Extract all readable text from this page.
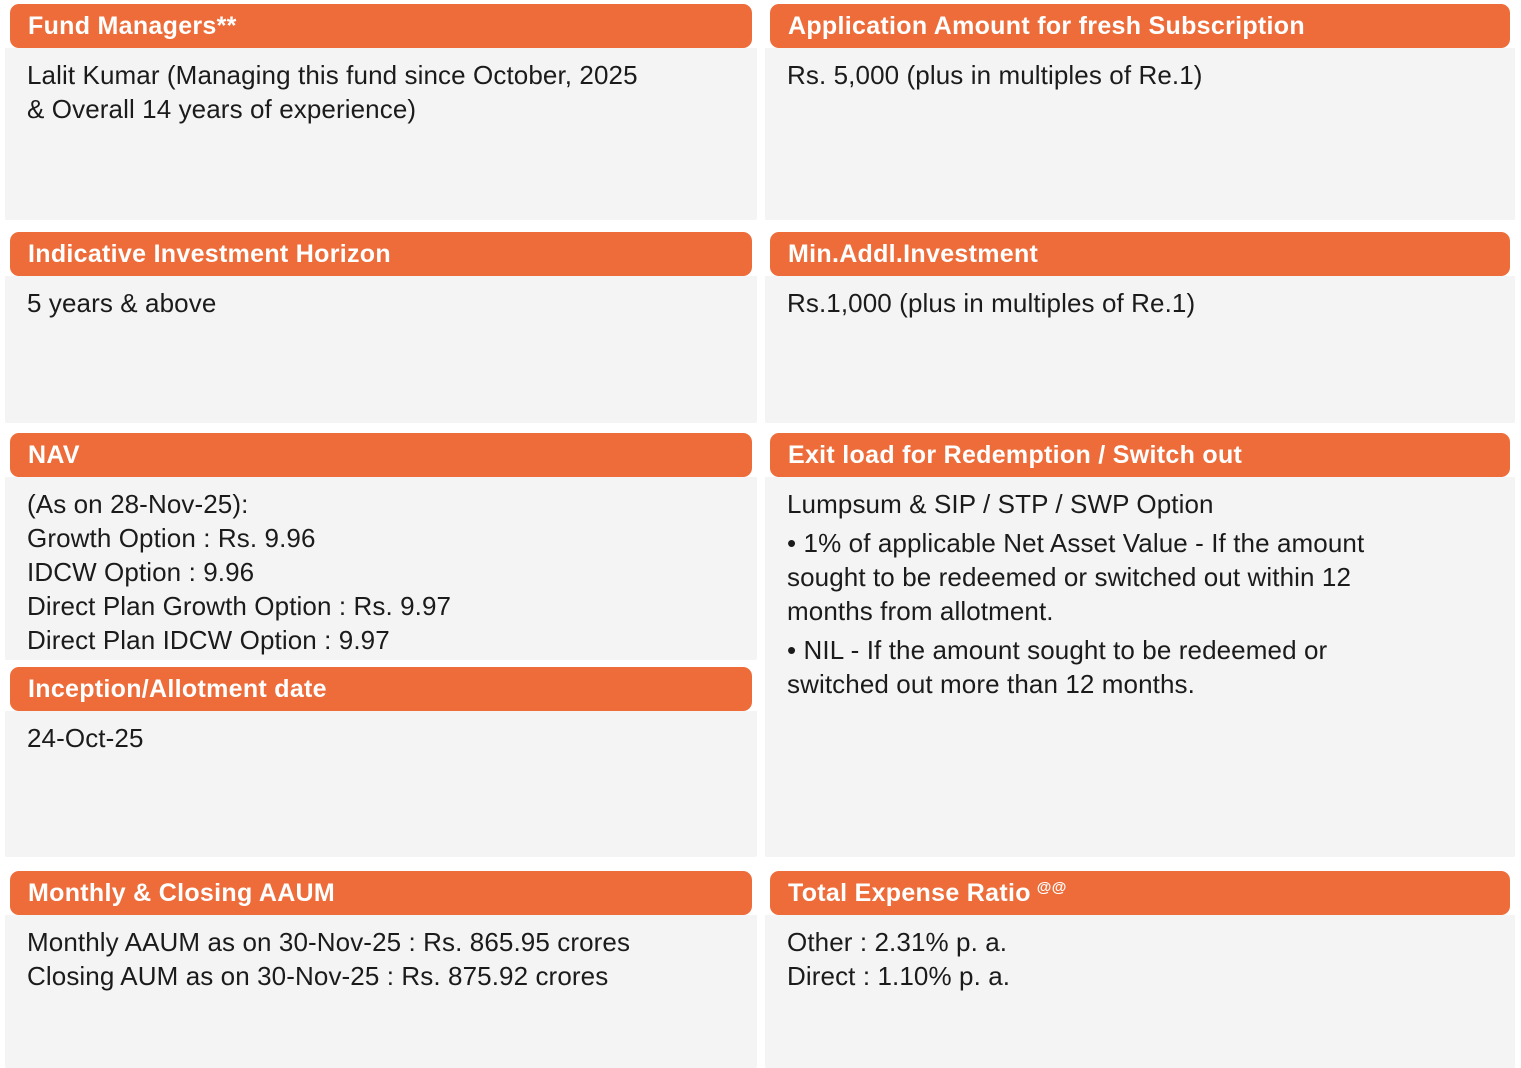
Fund Managers**
Lalit Kumar (Managing this fund since October, 2025
& Overall 14 years of experience)
Indicative Investment Horizon
5 years & above
NAV
(As on 28-Nov-25):
Growth Option : Rs. 9.96
IDCW Option : 9.96
Direct Plan Growth Option : Rs. 9.97
Direct Plan IDCW Option : 9.97
Inception/Allotment date
24-Oct-25
Monthly & Closing AAUM
Monthly AAUM as on 30-Nov-25 : Rs. 865.95 crores
Closing AUM as on 30-Nov-25 : Rs. 875.92 crores
Application Amount for fresh Subscription
Rs. 5,000 (plus in multiples of Re.1)
Min.Addl.Investment
Rs.1,000 (plus in multiples of Re.1)
Exit load for Redemption / Switch out
Lumpsum & SIP / STP / SWP Option
• 1% of applicable Net Asset Value - If the amount
sought to be redeemed or switched out within 12
months from allotment.
• NIL - If the amount sought to be redeemed or
switched out more than 12 months.
Total Expense Ratio @@
Other : 2.31% p. a.
Direct : 1.10% p. a.
